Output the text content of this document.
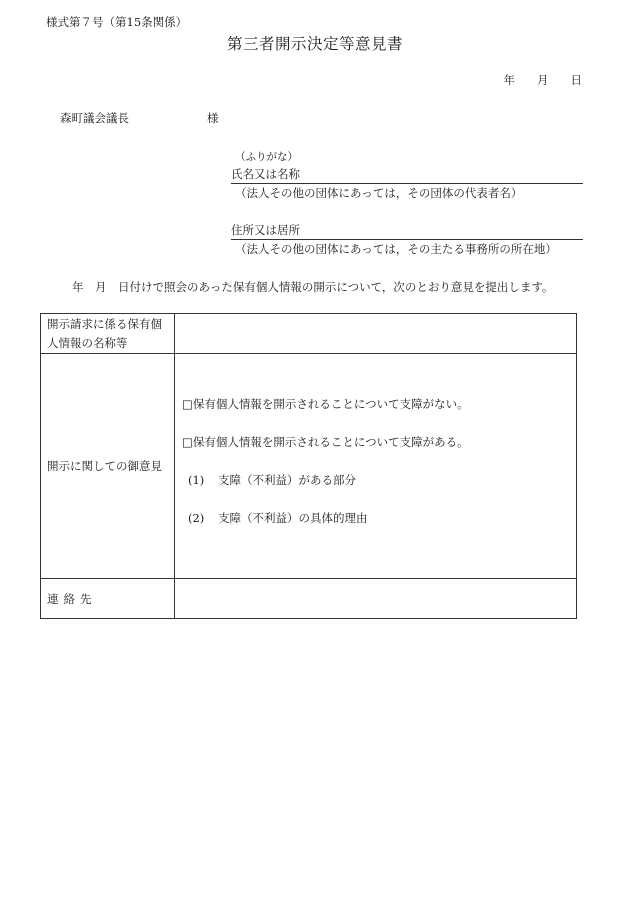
様式第７号（第15条関係）
第三者開示決定等意見書
年 月 日
森町議会議長	様
（ふりがな）
氏名又は名称
（法人その他の団体にあっては，その団体の代表者名）
住所又は居所
（法人その他の団体にあっては，その主たる事務所の所在地）
年　月　日付けで照会のあった保有個人情報の開示について，次のとおり意見を提出します。
開示請求に係る保有個
人情報の名称等	

開示に関しての御意見	□保有個人情報を開示されることについて支障がない。
□保有個人情報を開示されることについて支障がある。
(1) 支障（不利益）がある部分
(2) 支障（不利益）の具体的理由

連絡先	
